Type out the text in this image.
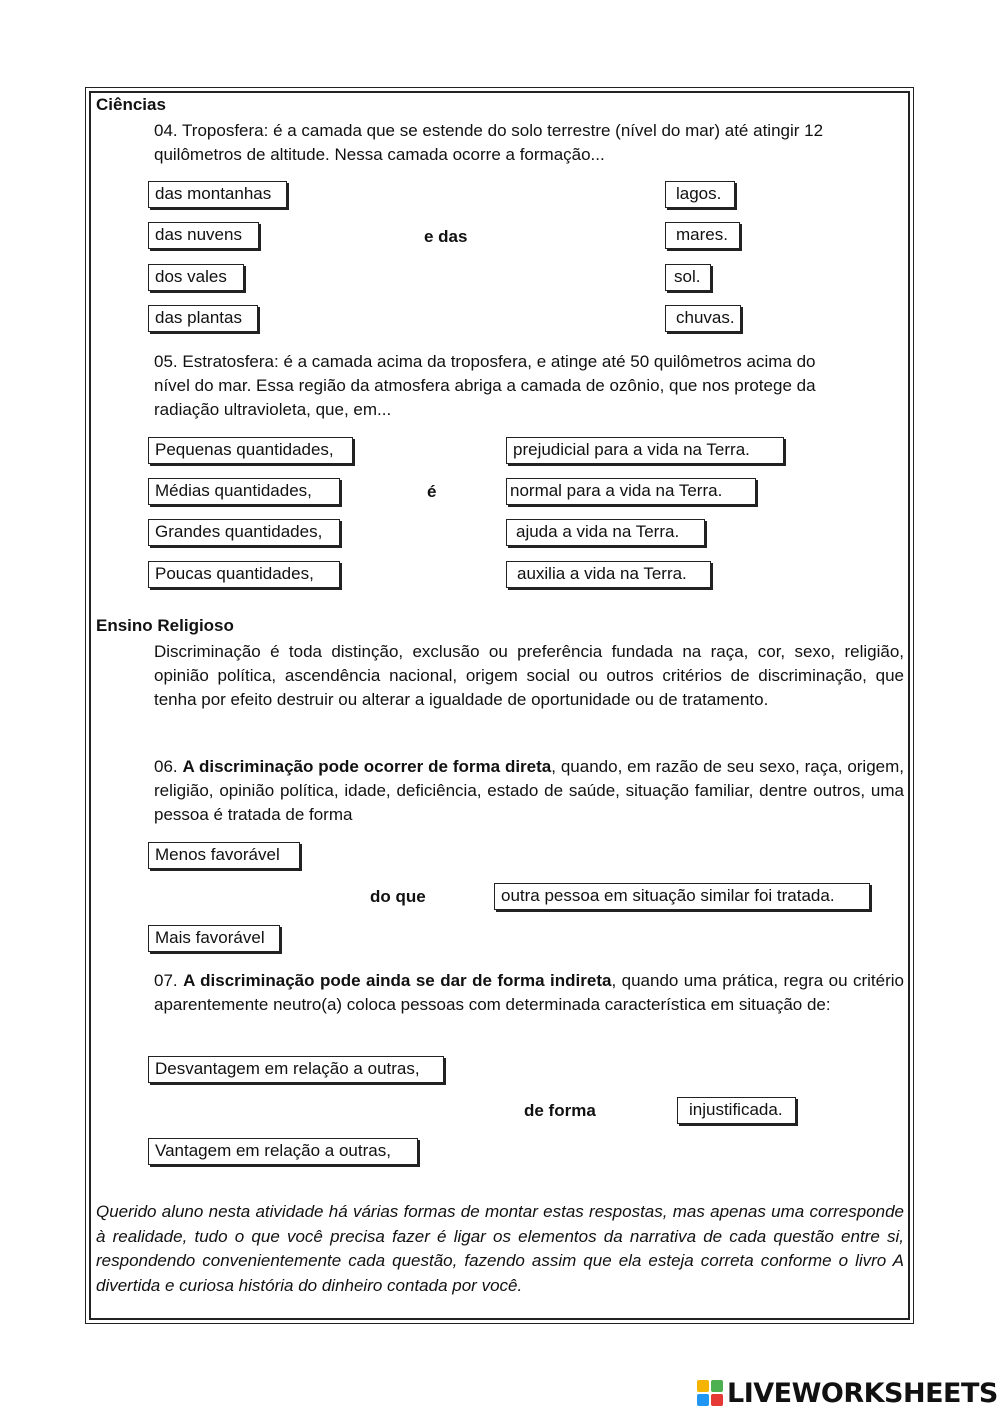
Ciências
04. Troposfera: é a camada que se estende do solo terrestre (nível do mar) até atingir 12
quilômetros de altitude. Nessa camada ocorre a formação...
das montanhas
das nuvens
dos vales
das plantas
e das
lagos.
mares.
sol.
chuvas.
05. Estratosfera: é a camada acima da troposfera, e atinge até 50 quilômetros acima do
nível do mar. Essa região da atmosfera abriga a camada de ozônio, que nos protege da
radiação ultravioleta, que, em...
Pequenas quantidades,
Médias quantidades,
Grandes quantidades,
Poucas quantidades,
é
prejudicial para a vida na Terra.
normal para a vida na Terra.
ajuda a vida na Terra.
auxilia a vida na Terra.
Ensino Religioso
Discriminação é toda distinção, exclusão ou preferência fundada na raça, cor, sexo, religião, opinião política, ascendência nacional, origem social ou outros critérios de discriminação, que tenha por efeito destruir ou alterar a igualdade de oportunidade ou de tratamento.
06. A discriminação pode ocorrer de forma direta, quando, em razão de seu sexo, raça, origem, religião, opinião política, idade, deficiência, estado de saúde, situação familiar, dentre outros, uma pessoa é tratada de forma
Menos favorável
Mais favorável
do que	outra pessoa em situação similar foi tratada.
07. A discriminação pode ainda se dar de forma indireta, quando uma prática, regra ou critério aparentemente neutro(a) coloca pessoas com determinada característica em situação de:
Desvantagem em relação a outras,
Vantagem em relação a outras,
de forma	injustificada.
Querido aluno nesta atividade há várias formas de montar estas respostas, mas apenas uma corresponde à realidade, tudo o que você precisa fazer é ligar os elementos da narrativa de cada questão entre si, respondendo convenientemente cada questão, fazendo assim que ela esteja correta conforme o livro A divertida e curiosa história do dinheiro contada por você.
LIVEWORKSHEETS
